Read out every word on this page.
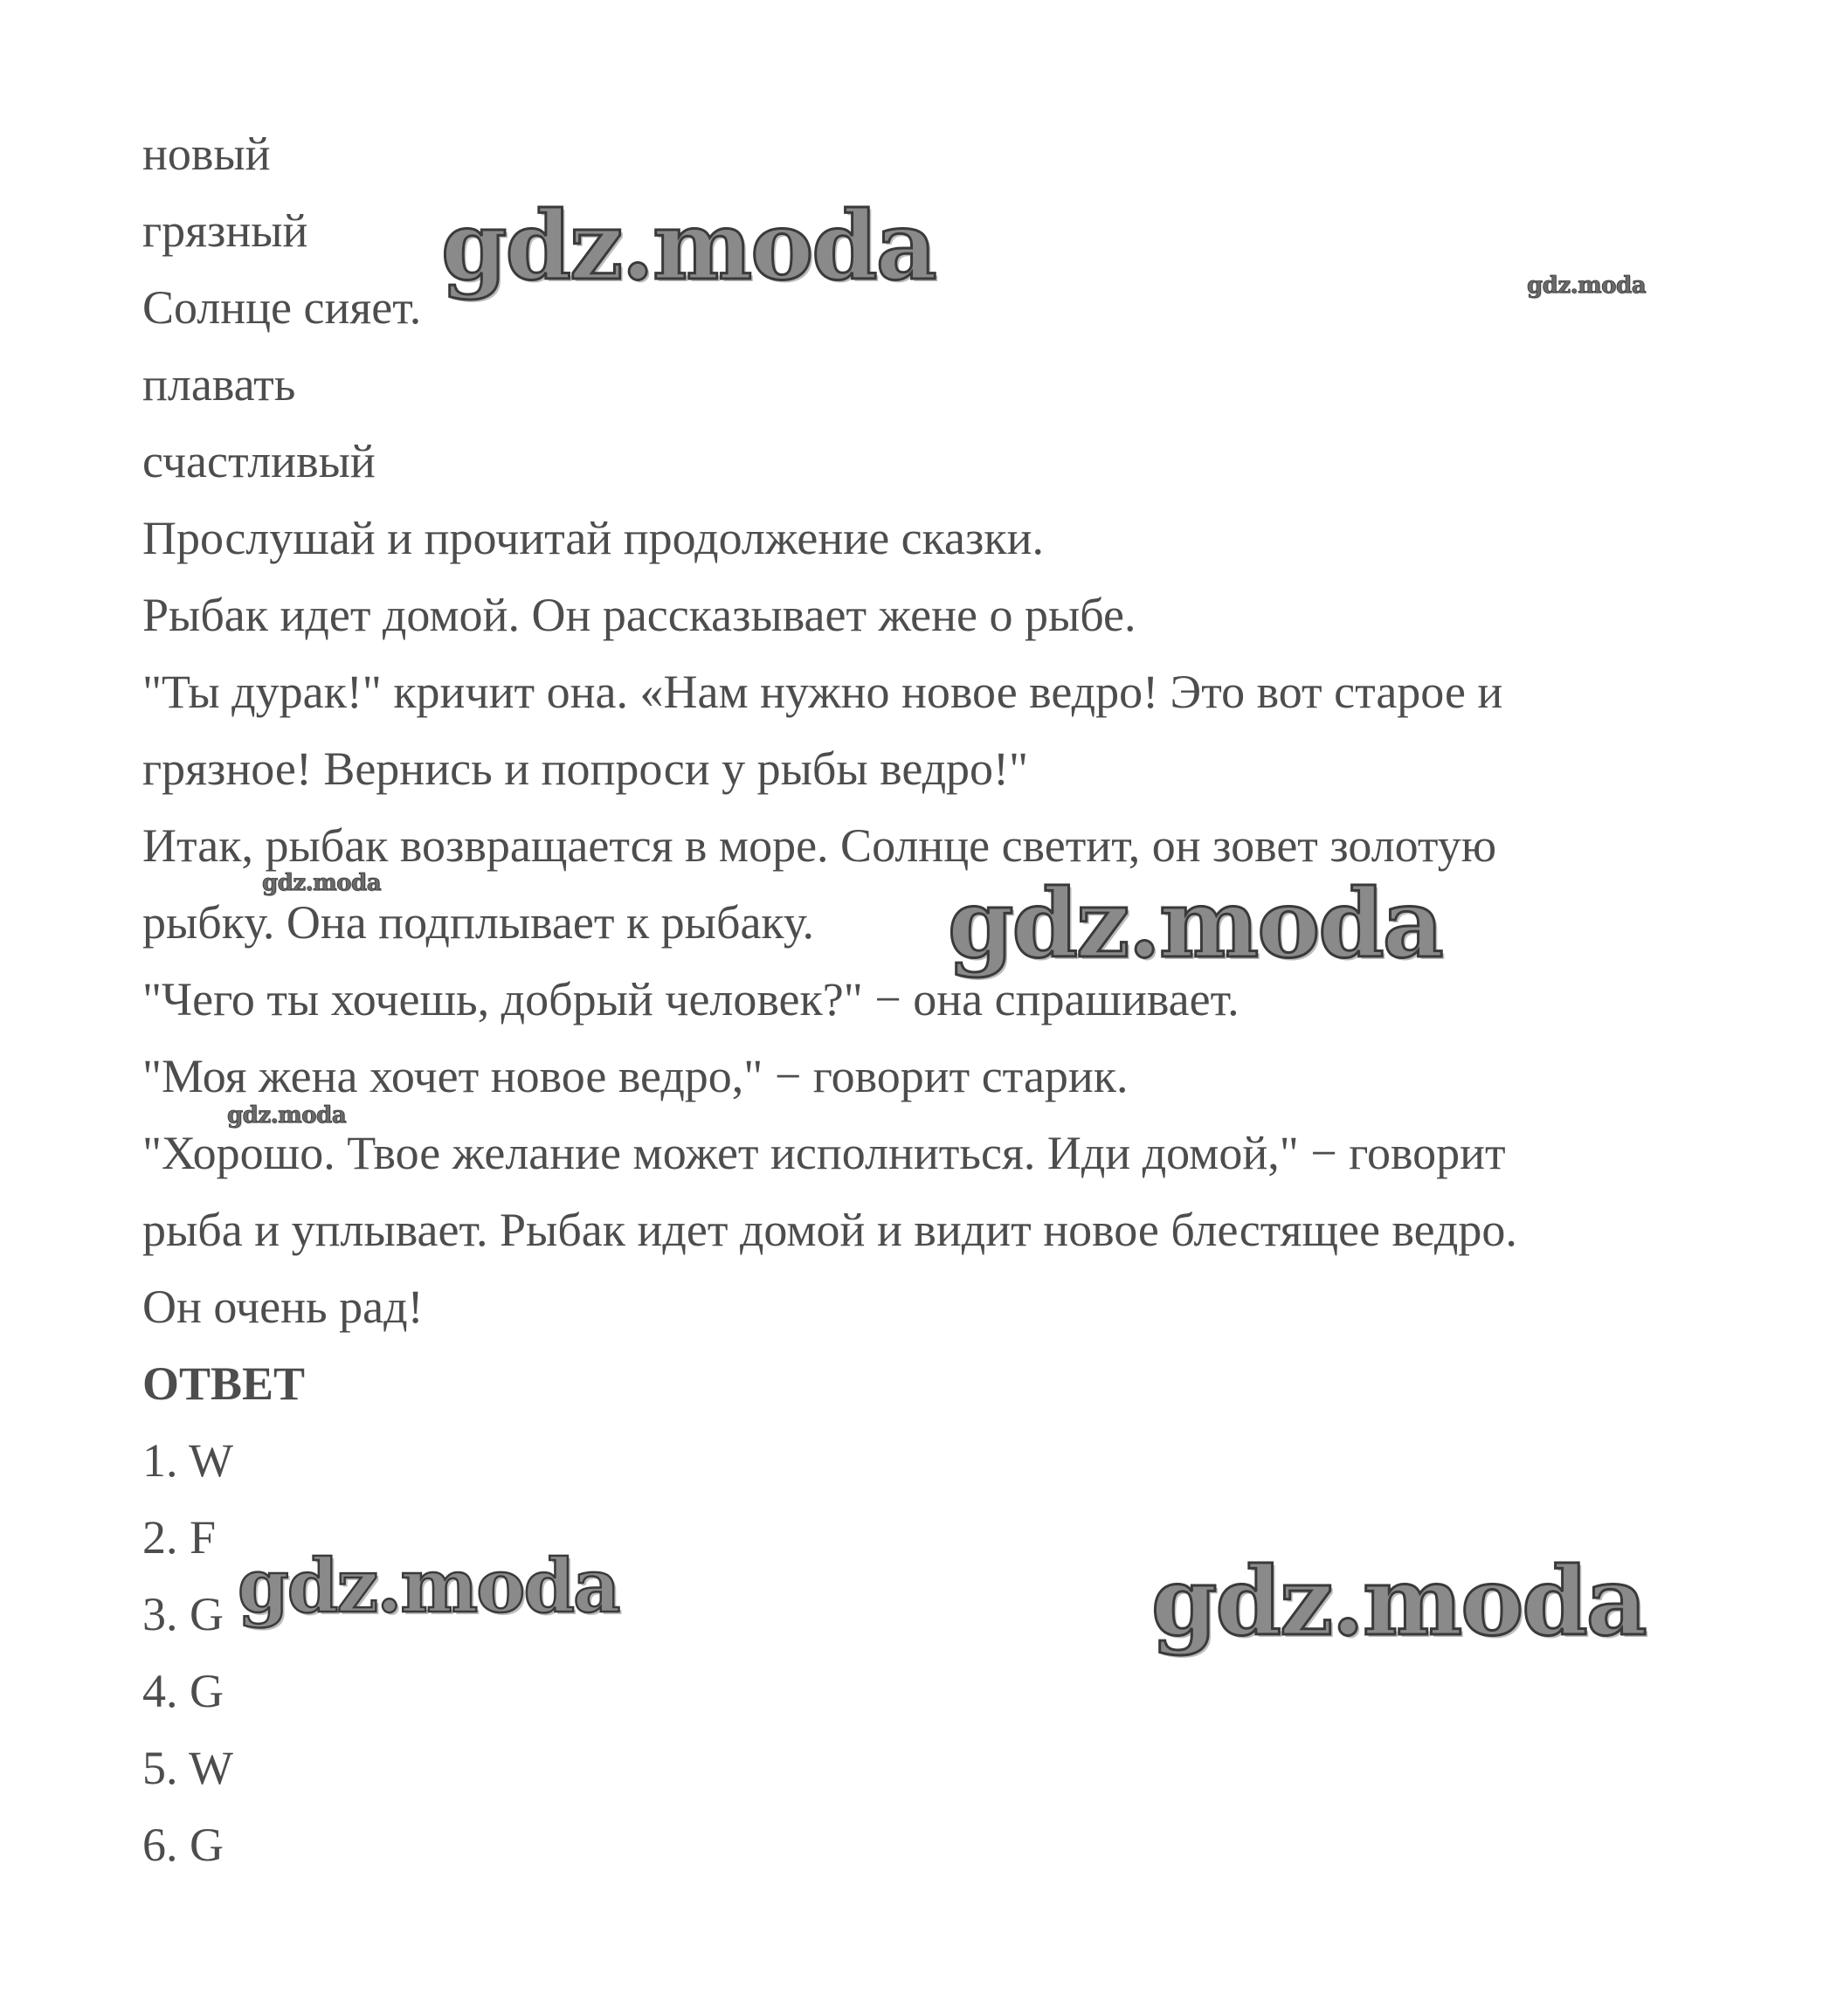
новый
грязный
Солнце сияет.
плавать
счастливый
Прослушай и прочитай продолжение сказки.
Рыбак идет домой. Он рассказывает жене о рыбе.
"Ты дурак!" кричит она. «Нам нужно новое ведро! Это вот старое и
грязное! Вернись и попроси у рыбы ведро!"
Итак, рыбак возвращается в море. Солнце светит, он зовет золотую
рыбку. Она подплывает к рыбаку.
"Чего ты хочешь, добрый человек?" − она спрашивает.
"Моя жена хочет новое ведро," − говорит старик.
"Хорошо. Твое желание может исполниться. Иди домой," − говорит
рыба и уплывает. Рыбак идет домой и видит новое блестящее ведро.
Он очень рад!
ОТВЕТ
1. W
2. F
3. G
4. G
5. W
6. G
gdz.moda	gdz.moda
gdz.moda	gdz.moda
gdz.moda
gdz.moda	gdz.moda
